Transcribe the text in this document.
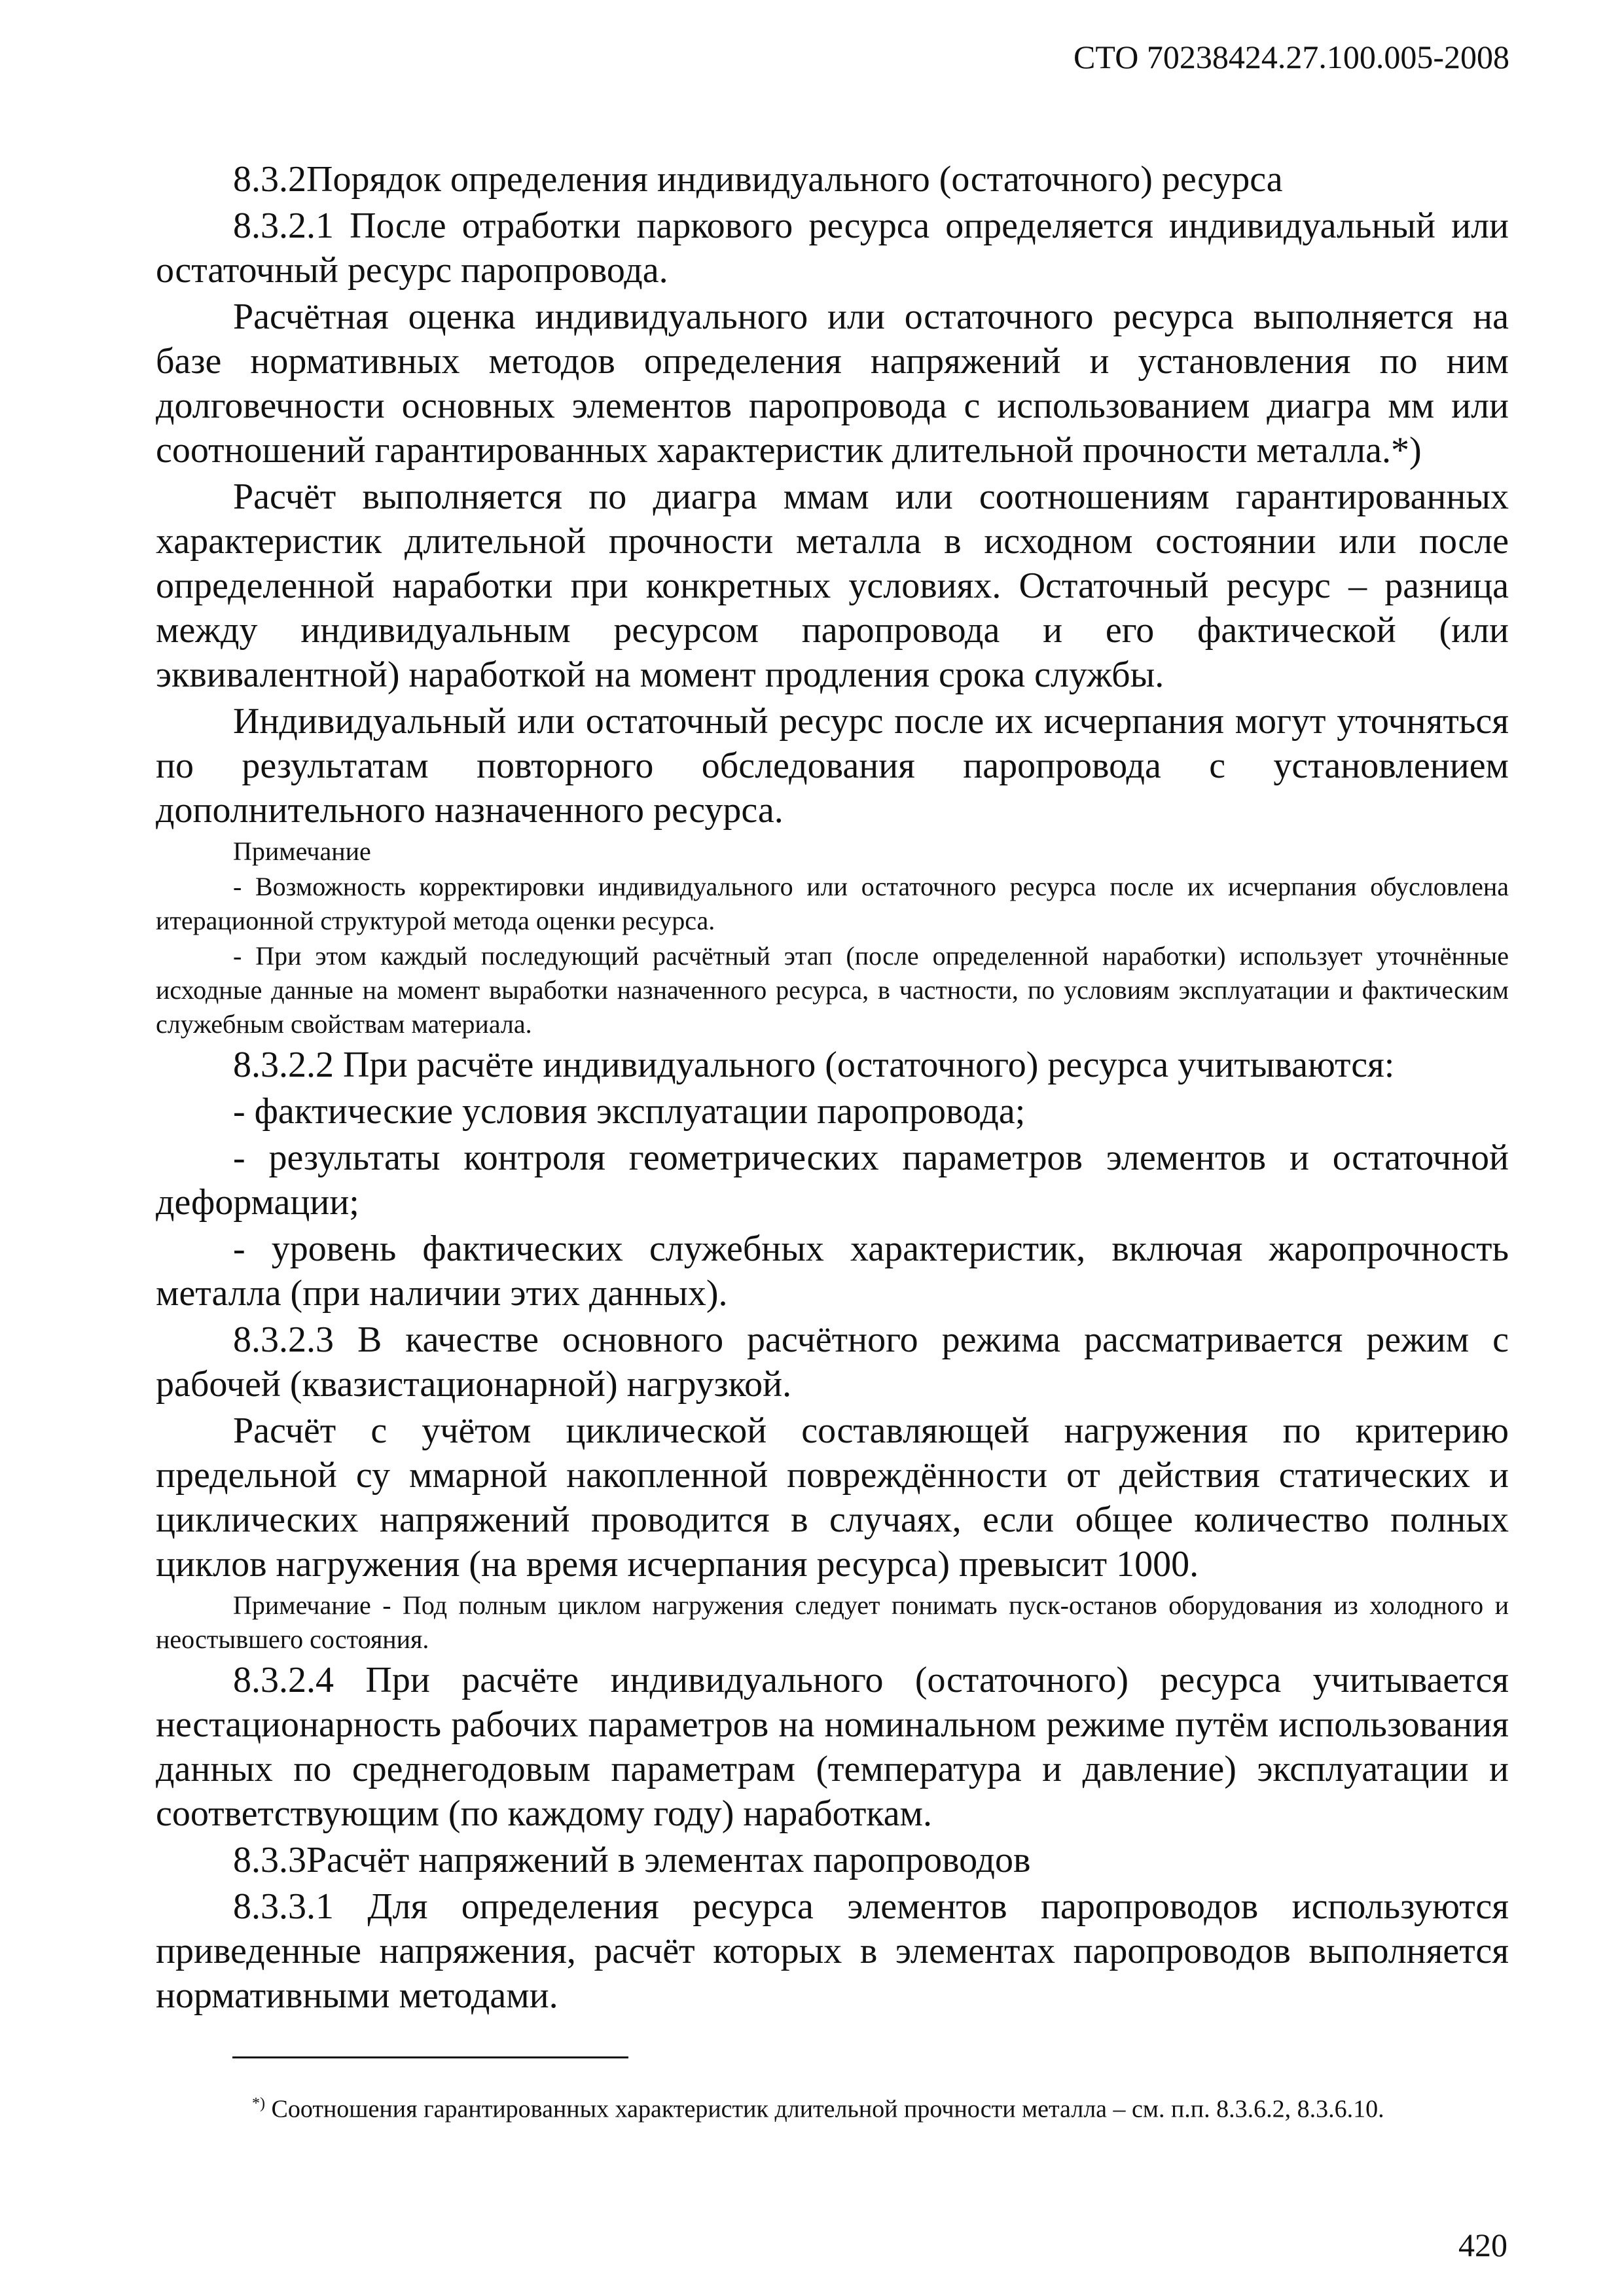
СТО 70238424.27.100.005-2008

8.3.2Порядок определения индивидуального (остаточного) ресурса

8.3.2.1 После отработки паркового ресурса определяется индивидуальный или остаточный ресурс паропровода.

Расчётная оценка индивидуального или остаточного ресурса выполняется на базе нормативных методов определения напряжений и установления по ним долговечности основных элементов паропровода с использованием диагра мм или соотношений гарантированных характеристик длительной прочности металла.*)

Расчёт выполняется по диагра ммам или соотношениям гарантированных характеристик длительной прочности металла в исходном состоянии или после определенной наработки при конкретных условиях. Остаточный ресурс – разница между индивидуальным ресурсом паропровода и его фактической (или эквивалентной) наработкой на момент продления срока службы.

Индивидуальный или остаточный ресурс после их исчерпания могут уточняться по результатам повторного обследования паропровода с установлением дополнительного назначенного ресурса.

Примечание

- Возможность корректировки индивидуального или остаточного ресурса после их исчерпания обусловлена итерационной структурой метода оценки ресурса.

- При этом каждый последующий расчётный этап (после определенной наработки) использует уточнённые исходные данные на момент выработки назначенного ресурса, в частности, по условиям эксплуатации и фактическим служебным свойствам материала.

8.3.2.2 При расчёте индивидуального (остаточного) ресурса учитываются:

- фактические условия эксплуатации паропровода;

- результаты контроля геометрических параметров элементов и остаточной деформации;

- уровень фактических служебных характеристик, включая жаропрочность металла (при наличии этих данных).

8.3.2.3 В качестве основного расчётного режима рассматривается режим с рабочей (квазистационарной) нагрузкой.

Расчёт с учётом циклической составляющей нагружения по критерию предельной су ммарной накопленной повреждённости от действия статических и циклических напряжений проводится в случаях, если общее количество полных циклов нагружения (на время исчерпания ресурса) превысит 1000.

Примечание - Под полным циклом нагружения следует понимать пуск-останов оборудования из холодного и неостывшего состояния.

8.3.2.4 При расчёте индивидуального (остаточного) ресурса учитывается нестационарность рабочих параметров на номинальном режиме путём использования данных по среднегодовым параметрам (температура и давление) эксплуатации и соответствующим (по каждому году) наработкам.

8.3.3Расчёт напряжений в элементах паропроводов

8.3.3.1 Для определения ресурса элементов паропроводов используются приведенные напряжения, расчёт которых в элементах паропроводов выполняется нормативными методами.

*) Соотношения гарантированных характеристик длительной прочности металла – см. п.п. 8.3.6.2, 8.3.6.10.
420
